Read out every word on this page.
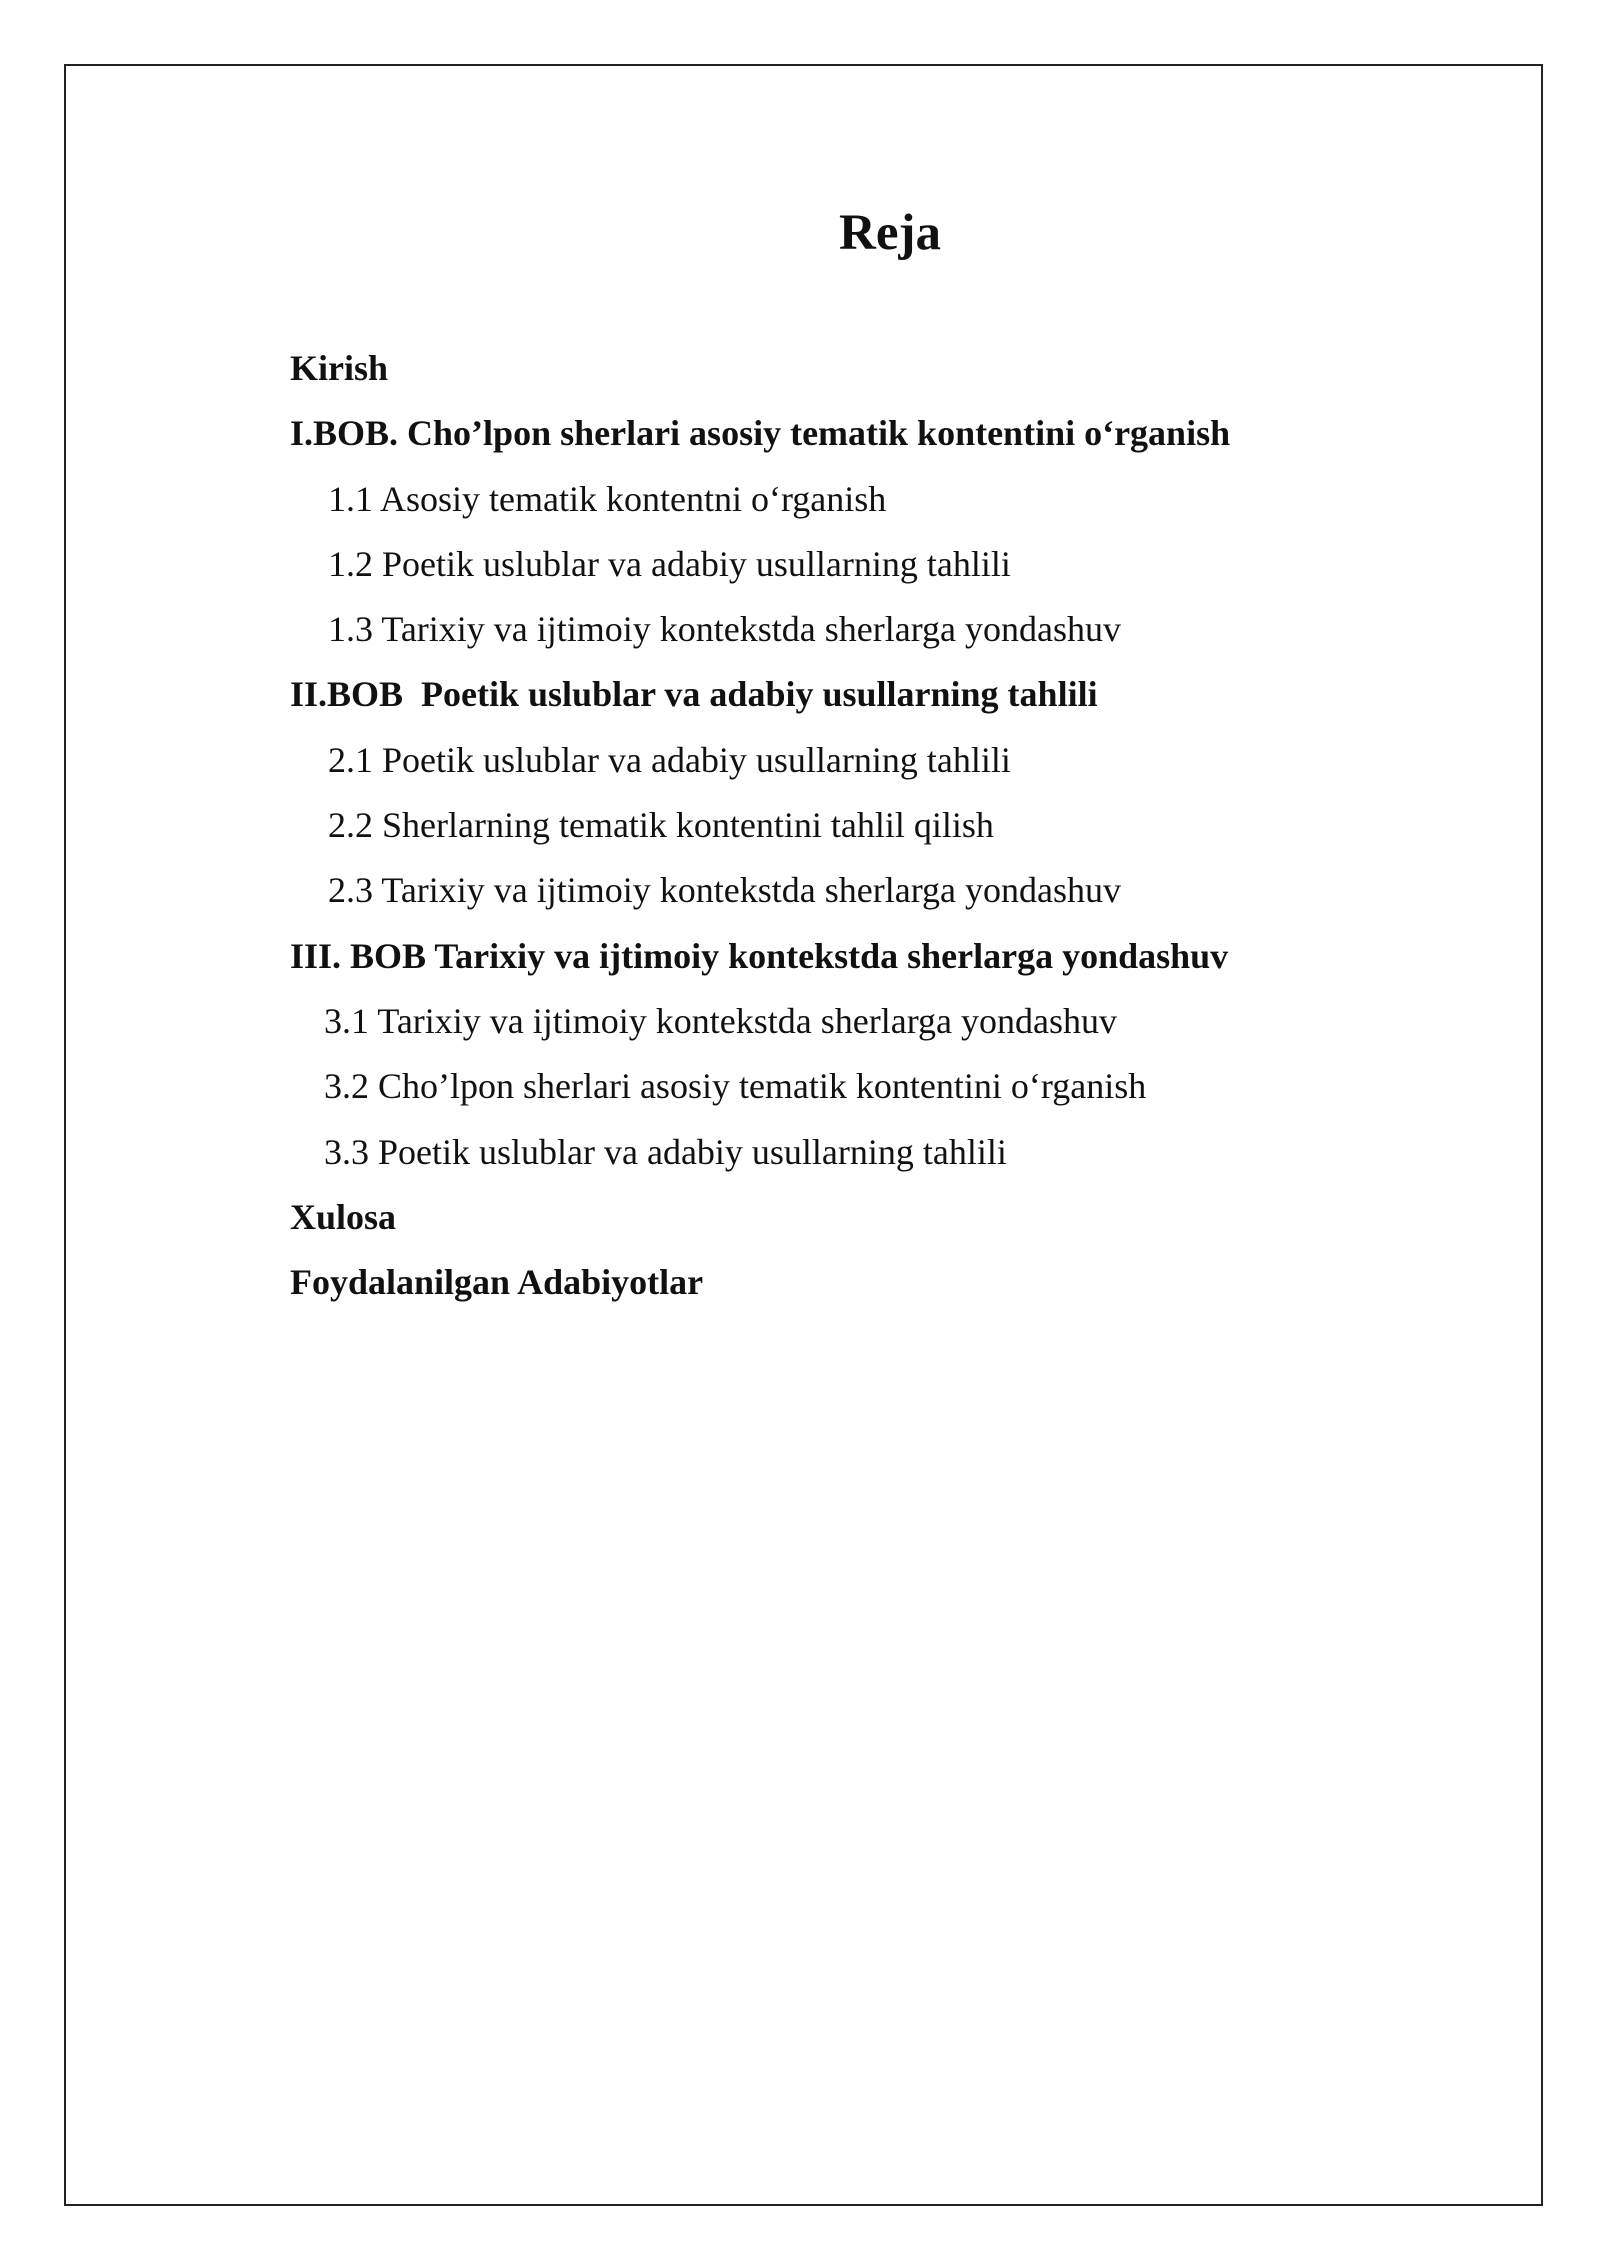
Reja
Kirish
I.BOB. Cho’lpon sherlari asosiy tematik kontentini o‘rganish
1.1 Asosiy tematik kontentni o‘rganish
1.2 Poetik uslublar va adabiy usullarning tahlili
1.3 Tarixiy va ijtimoiy kontekstda sherlarga yondashuv
II.BOB  Poetik uslublar va adabiy usullarning tahlili
2.1 Poetik uslublar va adabiy usullarning tahlili
2.2 Sherlarning tematik kontentini tahlil qilish
2.3 Tarixiy va ijtimoiy kontekstda sherlarga yondashuv
III. BOB Tarixiy va ijtimoiy kontekstda sherlarga yondashuv
3.1 Tarixiy va ijtimoiy kontekstda sherlarga yondashuv
3.2 Cho’lpon sherlari asosiy tematik kontentini o‘rganish
3.3 Poetik uslublar va adabiy usullarning tahlili
Xulosa
Foydalanilgan Adabiyotlar
